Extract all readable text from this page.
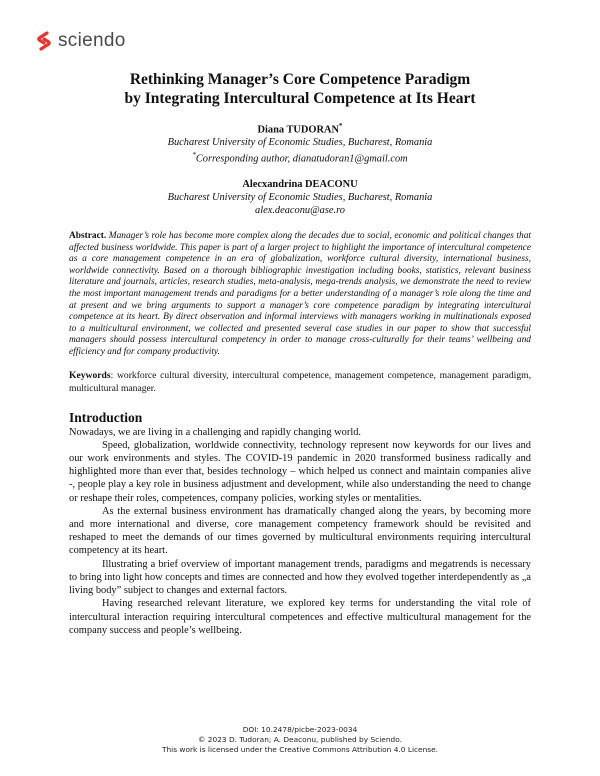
sciendo
Rethinking Manager’s Core Competence Paradigm
by Integrating Intercultural Competence at Its Heart
Diana TUDORAN*
Bucharest University of Economic Studies, Bucharest, Romania
*Corresponding author, dianatudoran1@gmail.com
Alecxandrina DEACONU
Bucharest University of Economic Studies, Bucharest, Romania
alex.deaconu@ase.ro
Abstract. Manager’s role has become more complex along the decades due to social, economic and political changes that affected business worldwide. This paper is part of a larger project to highlight the importance of intercultural competence as a core management competence in an era of globalization, workforce cultural diversity, international business, worldwide connectivity. Based on a thorough bibliographic investigation including books, statistics, relevant business literature and journals, articles, research studies, meta-analysis, mega-trends analysis, we demonstrate the need to review the most important management trends and paradigms for a better understanding of a manager’s role along the time and at present and we bring arguments to support a manager’s core competence paradigm by integrating intercultural competence at its heart. By direct observation and informal interviews with managers working in multinationals exposed to a multicultural environment, we collected and presented several case studies in our paper to show that successful managers should possess intercultural competency in order to manage cross-culturally for their teams’ wellbeing and efficiency and for company productivity.
Keywords: workforce cultural diversity, intercultural competence, management competence, management paradigm, multicultural manager.
Introduction

Nowadays, we are living in a challenging and rapidly changing world.

Speed, globalization, worldwide connectivity, technology represent now keywords for our lives and our work environments and styles. The COVID-19 pandemic in 2020 transformed business radically and highlighted more than ever that, besides technology – which helped us connect and maintain companies alive -, people play a key role in business adjustment and development, while also understanding the need to change or reshape their roles, competences, company policies, working styles or mentalities.

As the external business environment has dramatically changed along the years, by becoming more and more international and diverse, core management competency framework should be revisited and reshaped to meet the demands of our times governed by multicultural environments requiring intercultural competency at its heart.

Illustrating a brief overview of important management trends, paradigms and megatrends is necessary to bring into light how concepts and times are connected and how they evolved together interdependently as „a living body” subject to changes and external factors.

Having researched relevant literature, we explored key terms for understanding the vital role of intercultural interaction requiring intercultural competences and effective multicultural management for the company success and people’s wellbeing.

DOI: 10.2478/picbe-2023-0034
© 2023 D. Tudoran; A. Deaconu, published by Sciendo.
This work is licensed under the Creative Commons Attribution 4.0 License.
